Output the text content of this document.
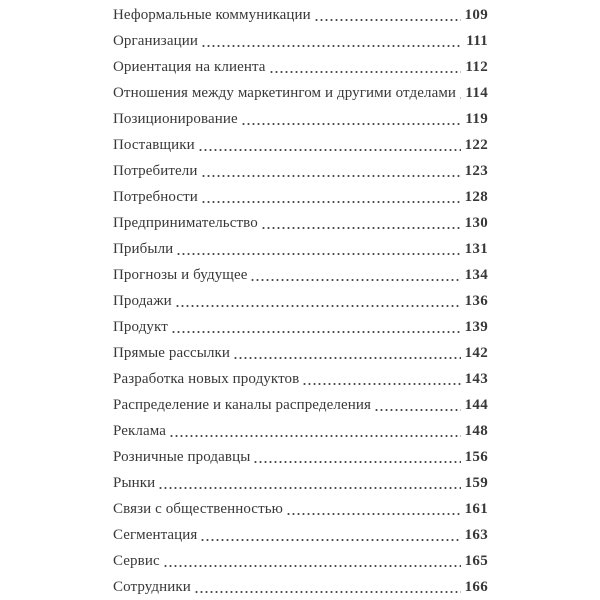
Неформальные коммуникации	109
Организации	111
Ориентация на клиента	112
Отношения между маркетингом и другими отделами 114
Позиционирование	119
Поставщики	122
Потребители	123
Потребности	128
Предпринимательство	130
Прибыли	131
Прогнозы и будущее	134
Продажи	136
Продукт	139
Прямые рассылки	142
Разработка новых продуктов	143
Распределение и каналы распределения	144
Реклама	148
Розничные продавцы	156
Рынки	159
Связи с общественностью	161
Сегментация	163
Сервис	165
Сотрудники	166
